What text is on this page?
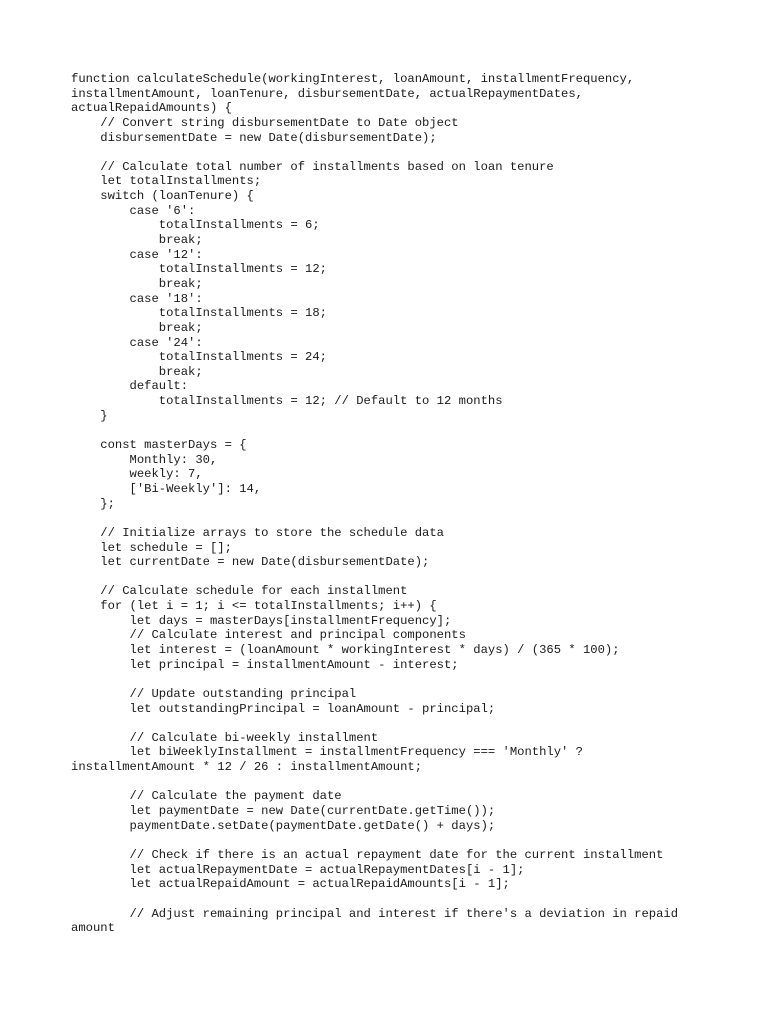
function calculateSchedule(workingInterest, loanAmount, installmentFrequency,
installmentAmount, loanTenure, disbursementDate, actualRepaymentDates,
actualRepaidAmounts) {
// Convert string disbursementDate to Date object
disbursementDate = new Date(disbursementDate);
// Calculate total number of installments based on loan tenure
let totalInstallments;
switch (loanTenure) {
case '6':
totalInstallments = 6;
break;
case '12':
totalInstallments = 12;
break;
case '18':
totalInstallments = 18;
break;
case '24':
totalInstallments = 24;
break;
default:
totalInstallments = 12; // Default to 12 months
}
const masterDays = {
Monthly: 30,
weekly: 7,
['Bi-Weekly']: 14,
};
// Initialize arrays to store the schedule data
let schedule = [];
let currentDate = new Date(disbursementDate);
// Calculate schedule for each installment
for (let i = 1; i <= totalInstallments; i++) {
let days = masterDays[installmentFrequency];
// Calculate interest and principal components
let interest = (loanAmount * workingInterest * days) / (365 * 100);
let principal = installmentAmount - interest;
// Update outstanding principal
let outstandingPrincipal = loanAmount - principal;
// Calculate bi-weekly installment
let biWeeklyInstallment = installmentFrequency === 'Monthly' ?
installmentAmount * 12 / 26 : installmentAmount;
// Calculate the payment date
let paymentDate = new Date(currentDate.getTime());
paymentDate.setDate(paymentDate.getDate() + days);
// Check if there is an actual repayment date for the current installment
let actualRepaymentDate = actualRepaymentDates[i - 1];
let actualRepaidAmount = actualRepaidAmounts[i - 1];
// Adjust remaining principal and interest if there's a deviation in repaid
amount
